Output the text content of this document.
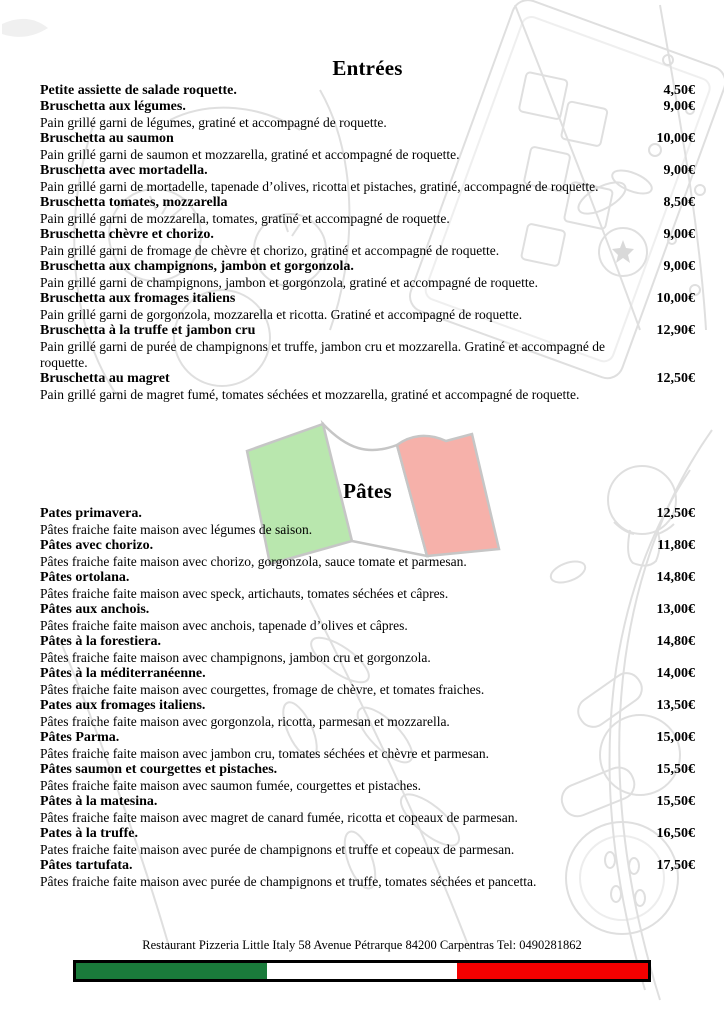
Entrées
Petite assiette de salade roquette.	4,50€
Bruschetta aux légumes.	9,00€

Pain grillé garni de légumes, gratiné et accompagné de roquette.

Bruschetta au saumon	10,00€

Pain grillé garni de saumon et mozzarella, gratiné et accompagné de roquette.

Bruschetta avec mortadella.	9,00€

Pain grillé garni de mortadelle, tapenade d’olives, ricotta et pistaches, gratiné, accompagné de roquette.

Bruschetta tomates, mozzarella	8,50€

Pain grillé garni de mozzarella, tomates, gratiné et accompagné de roquette.

Bruschetta chèvre et chorizo.	9,00€

Pain grillé garni de fromage de chèvre et chorizo, gratiné et accompagné de roquette.

Bruschetta aux champignons, jambon et gorgonzola.	9,00€

Pain grillé garni de champignons, jambon et gorgonzola, gratiné et accompagné de roquette.

Bruschetta aux fromages italiens	10,00€

Pain grillé garni de gorgonzola, mozzarella et ricotta. Gratiné et accompagné de roquette.

Bruschetta à la truffe et jambon cru	12,90€

Pain grillé garni de purée de champignons et truffe, jambon cru et mozzarella. Gratiné et accompagné de roquette.

Bruschetta au magret	12,50€

Pain grillé garni de magret fumé, tomates séchées et mozzarella, gratiné et accompagné de roquette.

Pâtes
Pates primavera.	12,50€

Pâtes fraiche faite maison avec légumes de saison.

Pâtes avec chorizo.	11,80€

Pâtes fraiche faite maison avec chorizo, gorgonzola, sauce tomate et parmesan.

Pâtes ortolana.	14,80€

Pâtes fraiche faite maison avec speck, artichauts, tomates séchées et câpres.

Pâtes aux anchois.	13,00€

Pâtes fraiche faite maison avec anchois, tapenade d’olives et câpres.

Pâtes à la forestiera.	14,80€

Pâtes fraiche faite maison avec champignons, jambon cru et gorgonzola.

Pâtes à la méditerranéenne.	14,00€

Pâtes fraiche faite maison avec courgettes, fromage de chèvre, et tomates fraiches.

Pates aux fromages italiens.	13,50€

Pâtes fraiche faite maison avec gorgonzola, ricotta, parmesan et mozzarella.

Pâtes Parma.	15,00€

Pâtes fraiche faite maison avec jambon cru, tomates séchées et chèvre et parmesan.

Pâtes saumon et courgettes et pistaches.	15,50€

Pâtes fraiche faite maison avec saumon fumée, courgettes et pistaches.

Pâtes à la matesina.	15,50€

Pâtes fraiche faite maison avec magret de canard fumée, ricotta et copeaux de parmesan.

Pates à la truffe.	16,50€

Pates fraiche faite maison avec purée de champignons et truffe et copeaux de parmesan.

Pâtes tartufata.	17,50€

Pâtes fraiche faite maison avec purée de champignons et truffe, tomates séchées et pancetta.

Restaurant Pizzeria Little Italy 58 Avenue Pétrarque 84200 Carpentras Tel: 0490281862
